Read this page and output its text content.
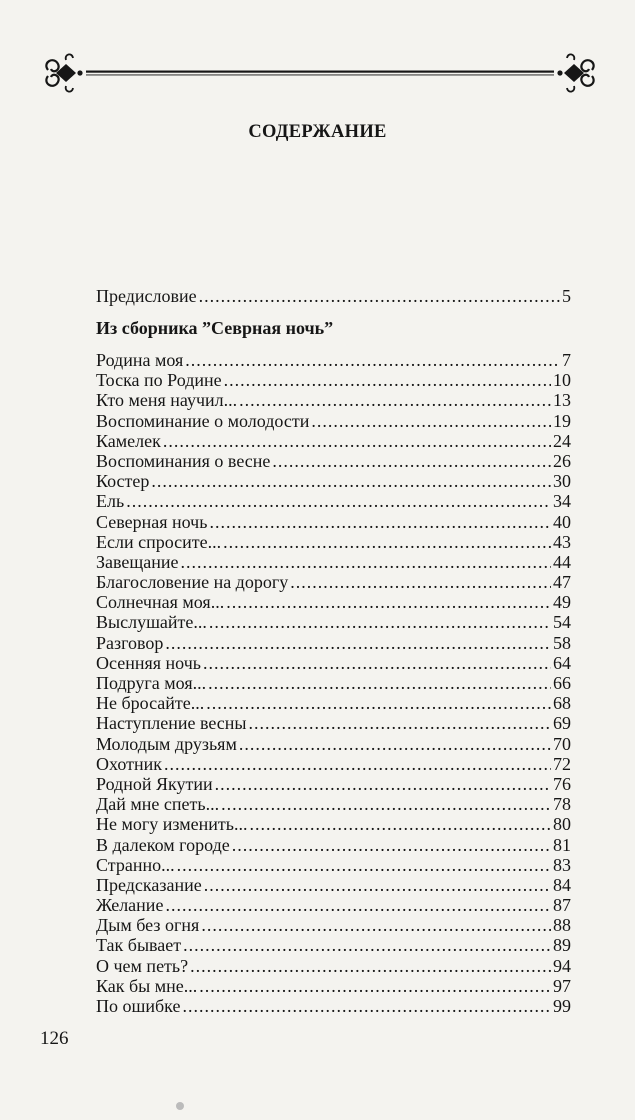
СОДЕРЖАНИЕ
Предисловие .....	5
Из сборника ”Севрная ночь”
Родина моя .....	7
Тоска по Родине .....	10
Кто меня научил... .....	13
Воспоминание о молодости .....	19
Камелек .....	24
Воспоминания о весне .....	26
Костер .....	30
Ель .....	34
Северная ночь .....	40
Если спросите... .....	43
Завещание .....	44
Благословение на дорогу .....	47
Солнечная моя... .....	49
Выслушайте... .....	54
Разговор .....	58
Осенняя ночь .....	64
Подруга моя... .....	66
Не бросайте... .....	68
Наступление весны .....	69
Молодым друзьям .....	70
Охотник .....	72
Родной Якутии .....	76
Дай мне спеть... .....	78
Не могу изменить... .....	80
В далеком городе .....	81
Странно... .....	83
Предсказание .....	84
Желание .....	87
Дым без огня .....	88
Так бывает .....	89
О чем петь? .....	94
Как бы мне... .....	97
По ошибке .....	99
126
